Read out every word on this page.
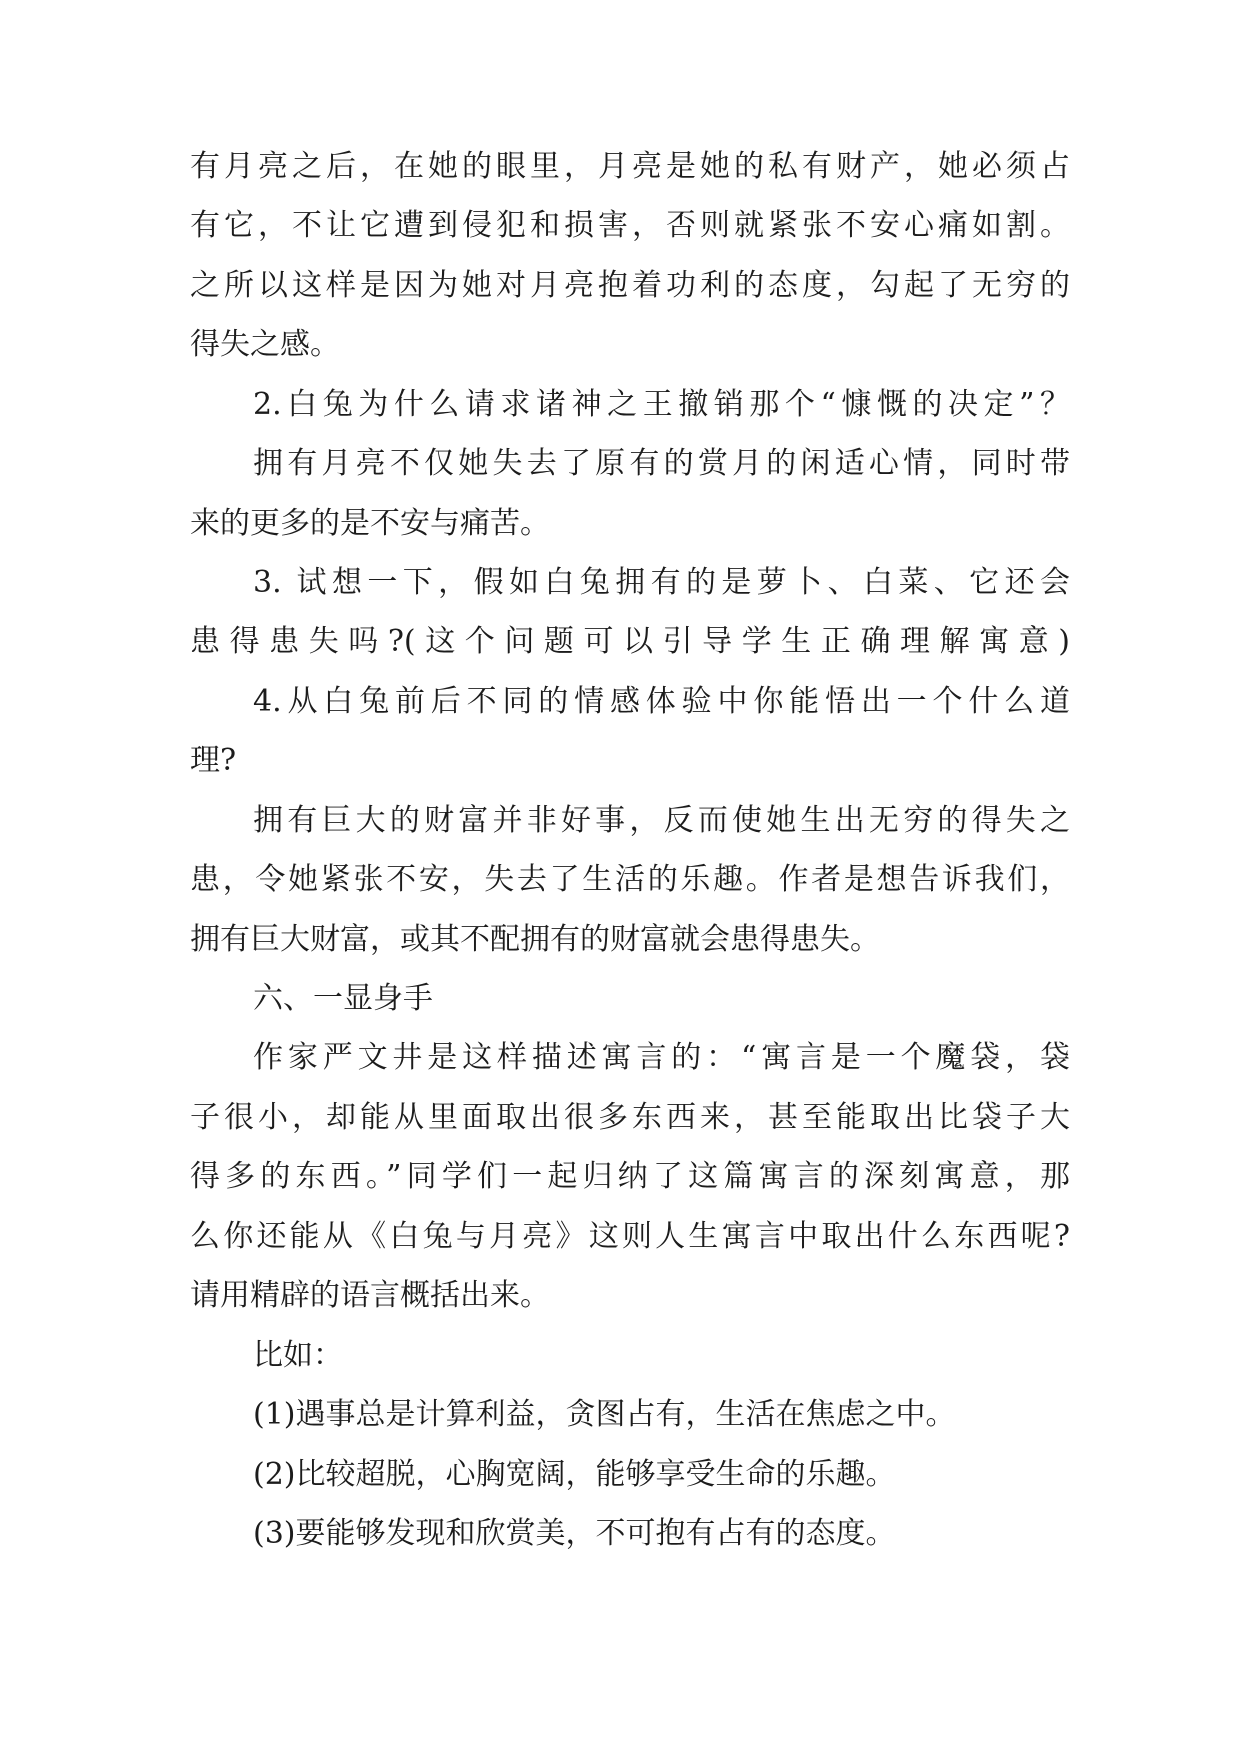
有月亮之后，在她的眼里，月亮是她的私有财产，她必须占
有它，不让它遭到侵犯和损害，否则就紧张不安心痛如割。
之所以这样是因为她对月亮抱着功利的态度，勾起了无穷的
得失之感。
2.白兔为什么请求诸神之王撤销那个“慷慨的决定”？
拥有月亮不仅她失去了原有的赏月的闲适心情，同时带
来的更多的是不安与痛苦。
3. 试想一下，假如白兔拥有的是萝卜、白菜、它还会
患得患失吗?(这个问题可以引导学生正确理解寓意)
4.从白兔前后不同的情感体验中你能悟出一个什么道
理?
拥有巨大的财富并非好事，反而使她生出无穷的得失之
患，令她紧张不安，失去了生活的乐趣。作者是想告诉我们，
拥有巨大财富，或其不配拥有的财富就会患得患失。
六、一显身手
作家严文井是这样描述寓言的：“寓言是一个魔袋，袋
子很小，却能从里面取出很多东西来，甚至能取出比袋子大
得多的东西。”同学们一起归纳了这篇寓言的深刻寓意，那
么你还能从《白兔与月亮》这则人生寓言中取出什么东西呢?
请用精辟的语言概括出来。
比如：
(1)遇事总是计算利益，贪图占有，生活在焦虑之中。
(2)比较超脱，心胸宽阔，能够享受生命的乐趣。
(3)要能够发现和欣赏美，不可抱有占有的态度。
